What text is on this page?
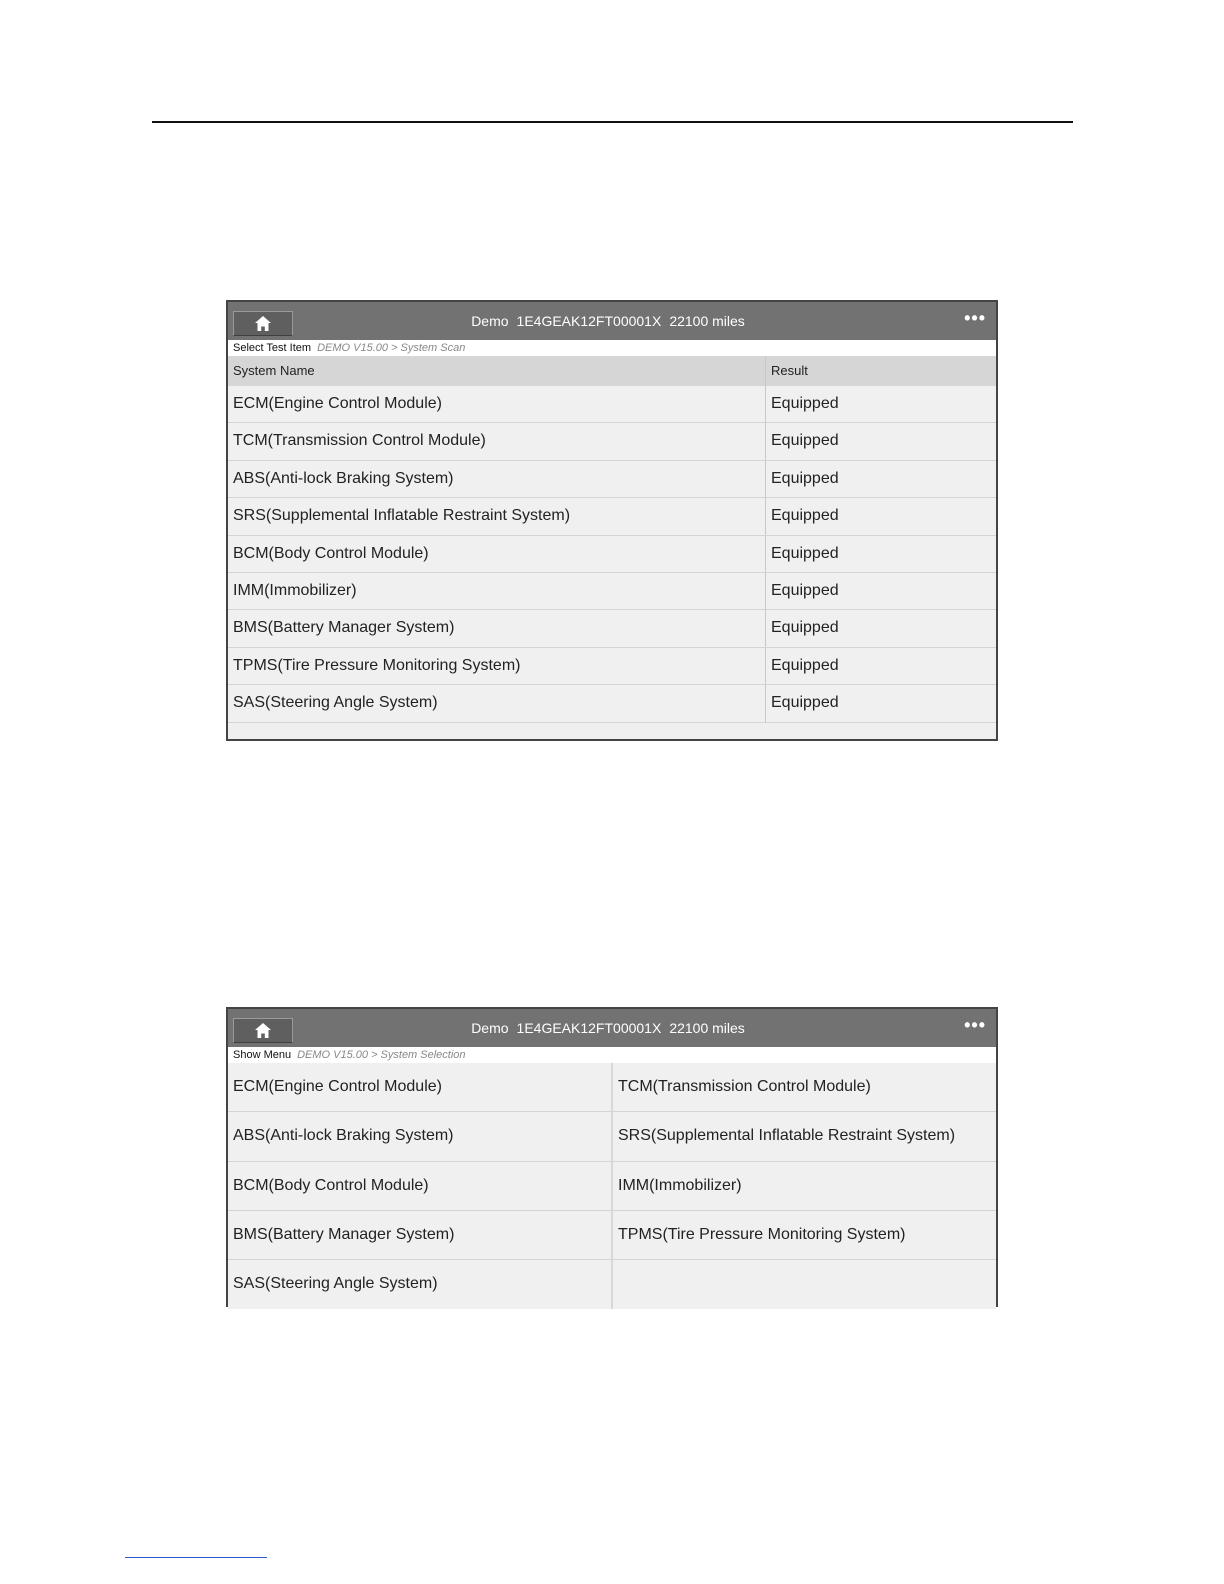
Demo 1E4GEAK12FT00001X 22100 miles	•••
Select Test Item DEMO V15.00 > System Scan
System Name	Result
ECM(Engine Control Module)	Equipped
TCM(Transmission Control Module)	Equipped
ABS(Anti-lock Braking System)	Equipped
SRS(Supplemental Inflatable Restraint System)	Equipped
BCM(Body Control Module)	Equipped
IMM(Immobilizer)	Equipped
BMS(Battery Manager System)	Equipped
TPMS(Tire Pressure Monitoring System)	Equipped
SAS(Steering Angle System)	Equipped
Demo 1E4GEAK12FT00001X 22100 miles	•••
Show Menu DEMO V15.00 > System Selection
ECM(Engine Control Module)	TCM(Transmission Control Module)
ABS(Anti-lock Braking System)	SRS(Supplemental Inflatable Restraint System)
BCM(Body Control Module)	IMM(Immobilizer)
BMS(Battery Manager System)	TPMS(Tire Pressure Monitoring System)
SAS(Steering Angle System)
